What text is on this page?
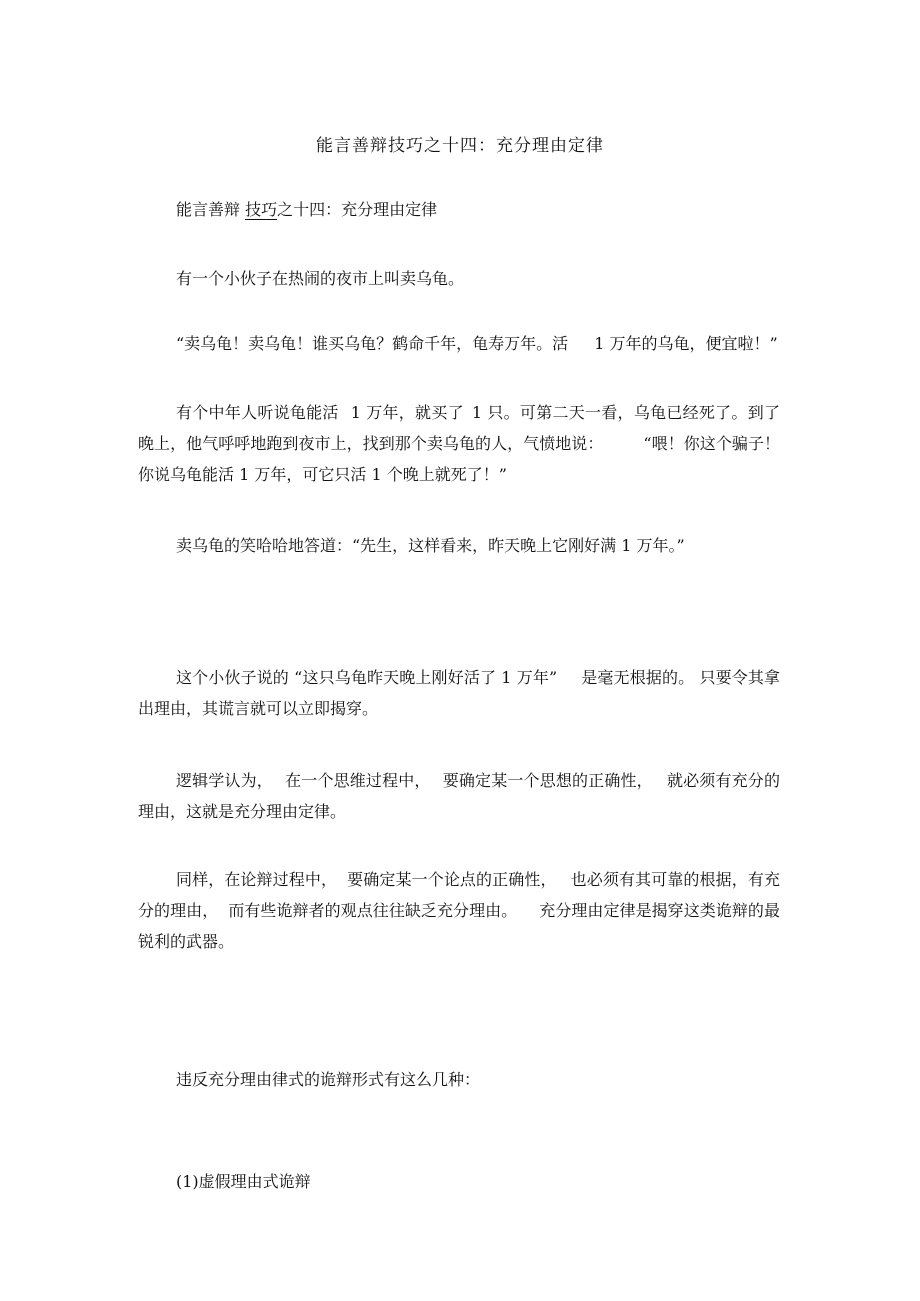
能言善辩技巧之十四：充分理由定律
能言善辩 技巧之十四：充分理由定律
有一个小伙子在热闹的夜市上叫卖乌龟。
“卖乌龟！卖乌龟！谁买乌龟？鹤命千年，龟寿万年。活 1 万年的乌龟，便宜啦！”
有个中年人听说龟能活 1 万年，就买了 1 只。可第二天一看，乌龟已经死了。到了晚上，他气呼呼地跑到夜市上，找到那个卖乌龟的人，气愤地说：	“喂！你这个骗子！你说乌龟能活 1 万年，可它只活 1 个晚上就死了！”
卖乌龟的笑哈哈地答道：“先生，这样看来，昨天晚上它刚好满 1 万年。”
这个小伙子说的 “这只乌龟昨天晚上刚好活了 1 万年” 是毫无根据的。 只要令其拿出理由，其谎言就可以立即揭穿。
逻辑学认为， 在一个思维过程中， 要确定某一个思想的正确性， 就必须有充分的理由，这就是充分理由定律。
同样，在论辩过程中， 要确定某一个论点的正确性， 也必须有其可靠的根据，有充分的理由， 而有些诡辩者的观点往往缺乏充分理由。 充分理由定律是揭穿这类诡辩的最锐利的武器。
违反充分理由律式的诡辩形式有这么几种：
(1)虚假理由式诡辩
